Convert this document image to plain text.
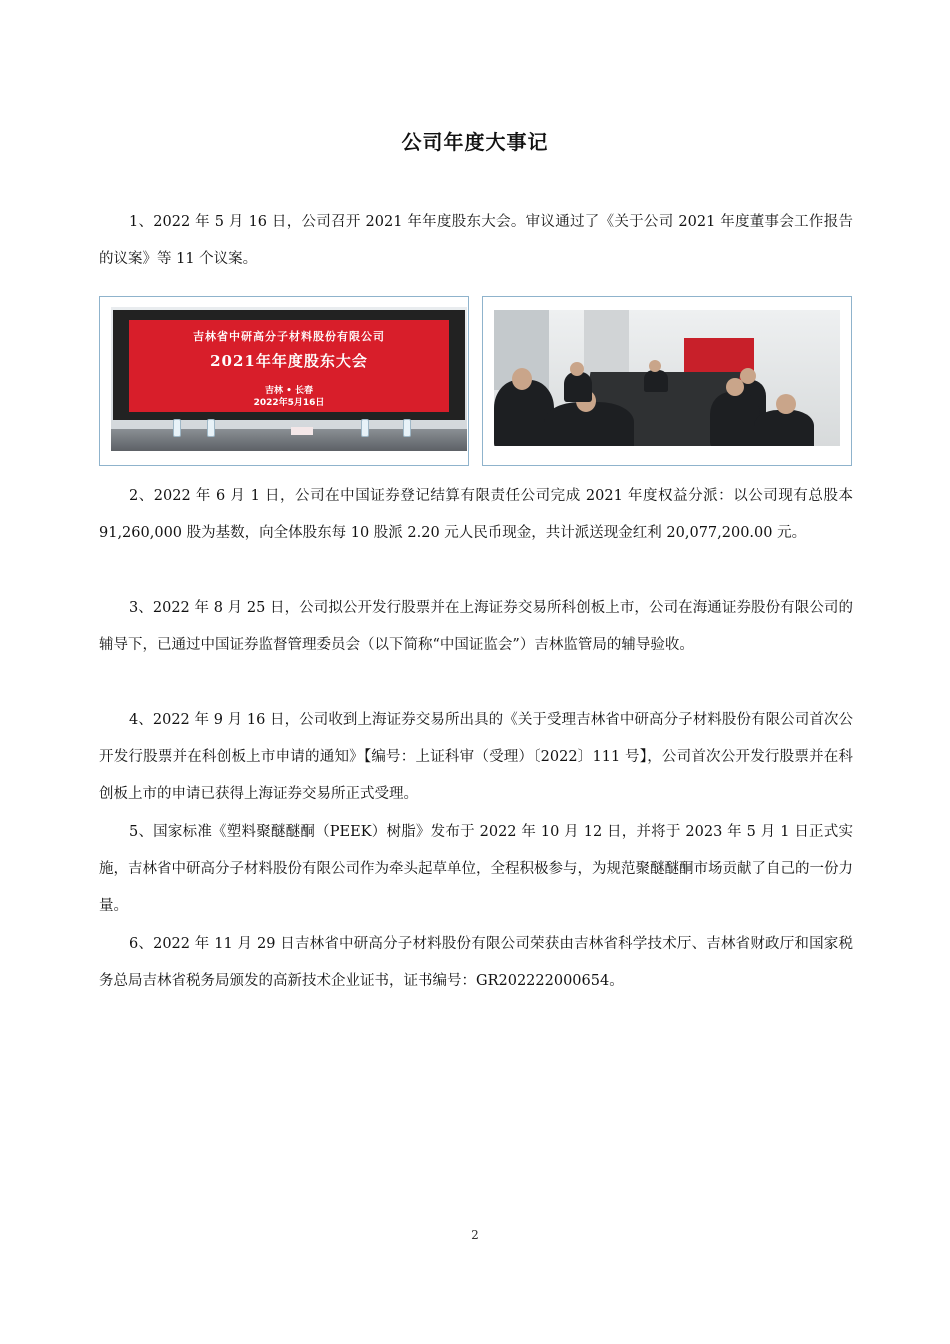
公司年度大事记

1、2022 年 5 月 16 日，公司召开 2021 年年度股东大会。审议通过了《关于公司 2021 年度董事会工作报告的议案》等 11 个议案。

吉林省中研高分子材料股份有限公司
2021年年度股东大会
吉林 • 长春
2022年5月16日

2、2022 年 6 月 1 日，公司在中国证券登记结算有限责任公司完成 2021 年度权益分派：以公司现有总股本 91,260,000 股为基数，向全体股东每 10 股派 2.20 元人民币现金，共计派送现金红利 20,077,200.00 元。

3、2022 年 8 月 25 日，公司拟公开发行股票并在上海证券交易所科创板上市，公司在海通证券股份有限公司的辅导下，已通过中国证券监督管理委员会（以下简称“中国证监会”）吉林监管局的辅导验收。

4、2022 年 9 月 16 日，公司收到上海证券交易所出具的《关于受理吉林省中研高分子材料股份有限公司首次公开发行股票并在科创板上市申请的通知》【编号：上证科审（受理）〔2022〕111 号】，公司首次公开发行股票并在科创板上市的申请已获得上海证券交易所正式受理。

5、国家标准《塑料聚醚醚酮（PEEK）树脂》发布于 2022 年 10 月 12 日，并将于 2023 年 5 月 1 日正式实施，吉林省中研高分子材料股份有限公司作为牵头起草单位，全程积极参与，为规范聚醚醚酮市场贡献了自己的一份力量。

6、2022 年 11 月 29 日吉林省中研高分子材料股份有限公司荣获由吉林省科学技术厅、吉林省财政厅和国家税务总局吉林省税务局颁发的高新技术企业证书，证书编号：GR202222000654。

2
